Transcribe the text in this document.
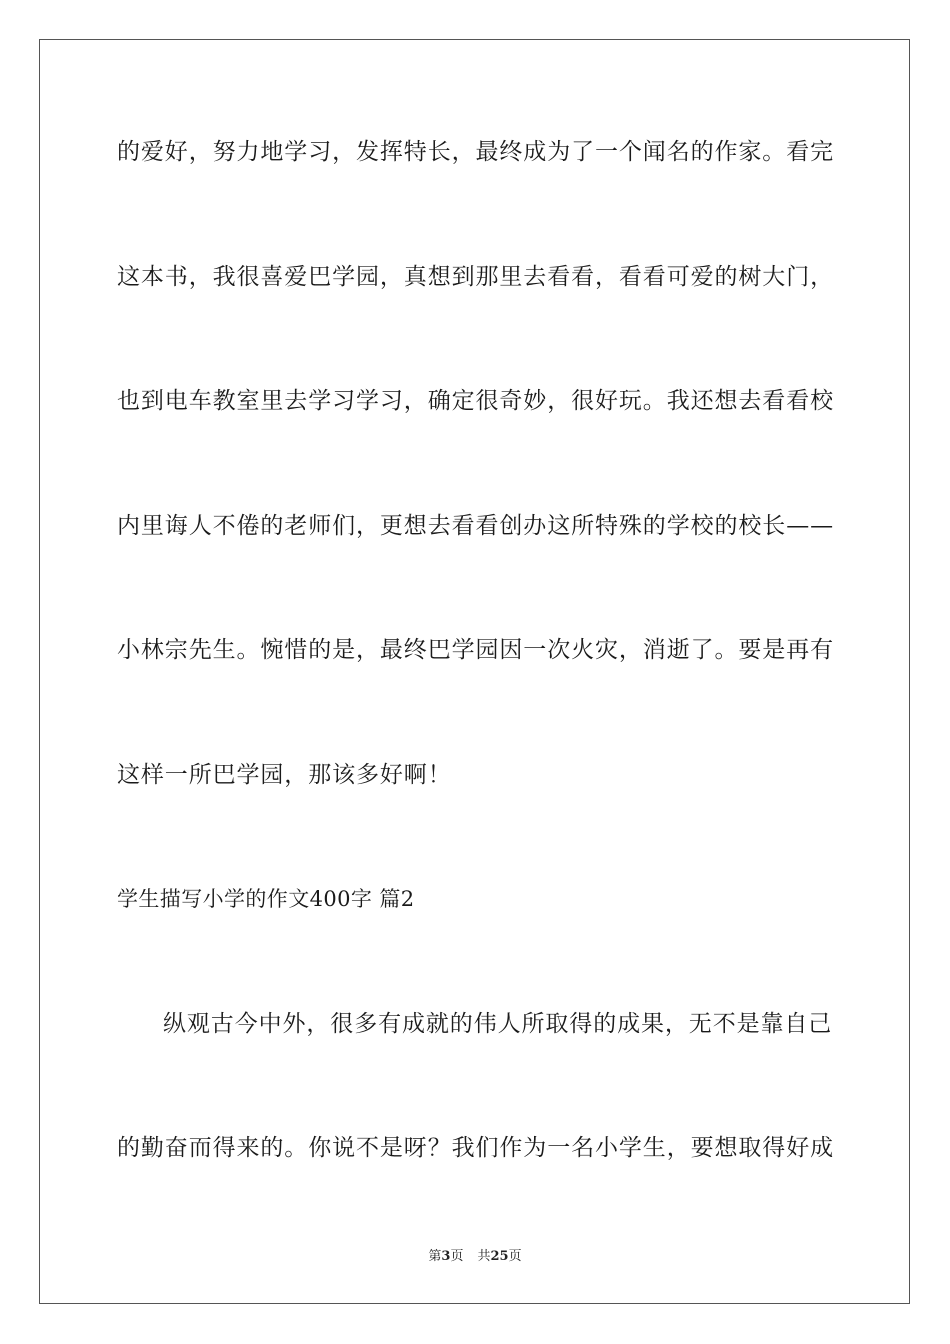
的爱好，努力地学习，发挥特长，最终成为了一个闻名的作家。看完
这本书，我很喜爱巴学园，真想到那里去看看，看看可爱的树大门，
也到电车教室里去学习学习，确定很奇妙，很好玩。我还想去看看校
内里诲人不倦的老师们，更想去看看创办这所特殊的学校的校长——
小林宗先生。惋惜的是，最终巴学园因一次火灾，消逝了。要是再有
这样一所巴学园，那该多好啊！
学生描写小学的作文400字 篇2
纵观古今中外，很多有成就的伟人所取得的成果，无不是靠自己
的勤奋而得来的。你说不是呀？我们作为一名小学生，要想取得好成
第3页 共25页
